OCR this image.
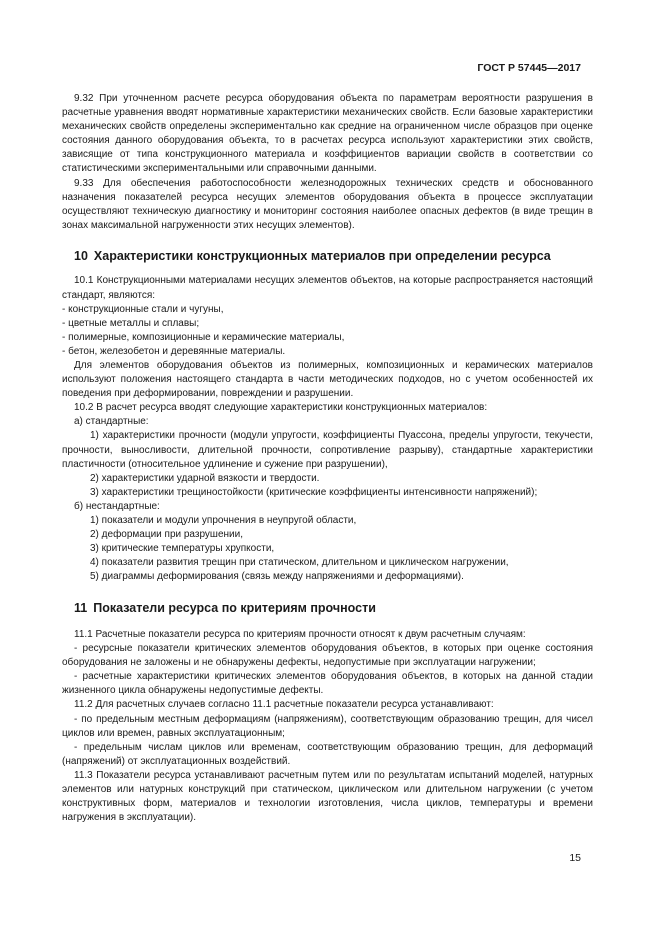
ГОСТ Р 57445—2017

9.32 При уточненном расчете ресурса оборудования объекта по параметрам вероятности разрушения в расчетные уравнения вводят нормативные характеристики механических свойств. Если базовые характеристики механических свойств определены экспериментально как средние на ограниченном числе образцов при оценке состояния данного оборудования объекта, то в расчетах ресурса используют характеристики этих свойств, зависящие от типа конструкционного материала и коэффициентов вариации свойств в соответствии со статистическими экспериментальными или справочными данными.

9.33 Для обеспечения работоспособности железнодорожных технических средств и обоснованного назначения показателей ресурса несущих элементов оборудования объекта в процессе эксплуатации осуществляют техническую диагностику и мониторинг состояния наиболее опасных дефектов (в виде трещин в зонах максимальной нагруженности этих несущих элементов).

10 Характеристики конструкционных материалов при определении ресурса

10.1 Конструкционными материалами несущих элементов объектов, на которые распространяется настоящий стандарт, являются:

- конструкционные стали и чугуны,

- цветные металлы и сплавы;

- полимерные, композиционные и керамические материалы,

- бетон, железобетон и деревянные материалы.

Для элементов оборудования объектов из полимерных, композиционных и керамических материалов используют положения настоящего стандарта в части методических подходов, но с учетом особенностей их поведения при деформировании, повреждении и разрушении.

10.2 В расчет ресурса вводят следующие характеристики конструкционных материалов:

а) стандартные:

1) характеристики прочности (модули упругости, коэффициенты Пуассона, пределы упругости, текучести, прочности, выносливости, длительной прочности, сопротивление разрыву), стандартные характеристики пластичности (относительное удлинение и сужение при разрушении),

2) характеристики ударной вязкости и твердости.

3) характеристики трещиностойкости (критические коэффициенты интенсивности напряжений);

б) нестандартные:

1) показатели и модули упрочнения в неупругой области,

2) деформации при разрушении,

3) критические температуры хрупкости,

4) показатели развития трещин при статическом, длительном и циклическом нагружении,

5) диаграммы деформирования (связь между напряжениями и деформациями).

11 Показатели ресурса по критериям прочности

11.1 Расчетные показатели ресурса по критериям прочности относят к двум расчетным случаям:

- ресурсные показатели критических элементов оборудования объектов, в которых при оценке состояния оборудования не заложены и не обнаружены дефекты, недопустимые при эксплуатации нагружении;

- расчетные характеристики критических элементов оборудования объектов, в которых на данной стадии жизненного цикла обнаружены недопустимые дефекты.

11.2 Для расчетных случаев согласно 11.1 расчетные показатели ресурса устанавливают:

- по предельным местным деформациям (напряжениям), соответствующим образованию трещин, для чисел циклов или времен, равных эксплуатационным;

- предельным числам циклов или временам, соответствующим образованию трещин, для деформаций (напряжений) от эксплуатационных воздействий.

11.3 Показатели ресурса устанавливают расчетным путем или по результатам испытаний моделей, натурных элементов или натурных конструкций при статическом, циклическом или длительном нагружении (с учетом конструктивных форм, материалов и технологии изготовления, числа циклов, температуры и времени нагружения в эксплуатации).

15
